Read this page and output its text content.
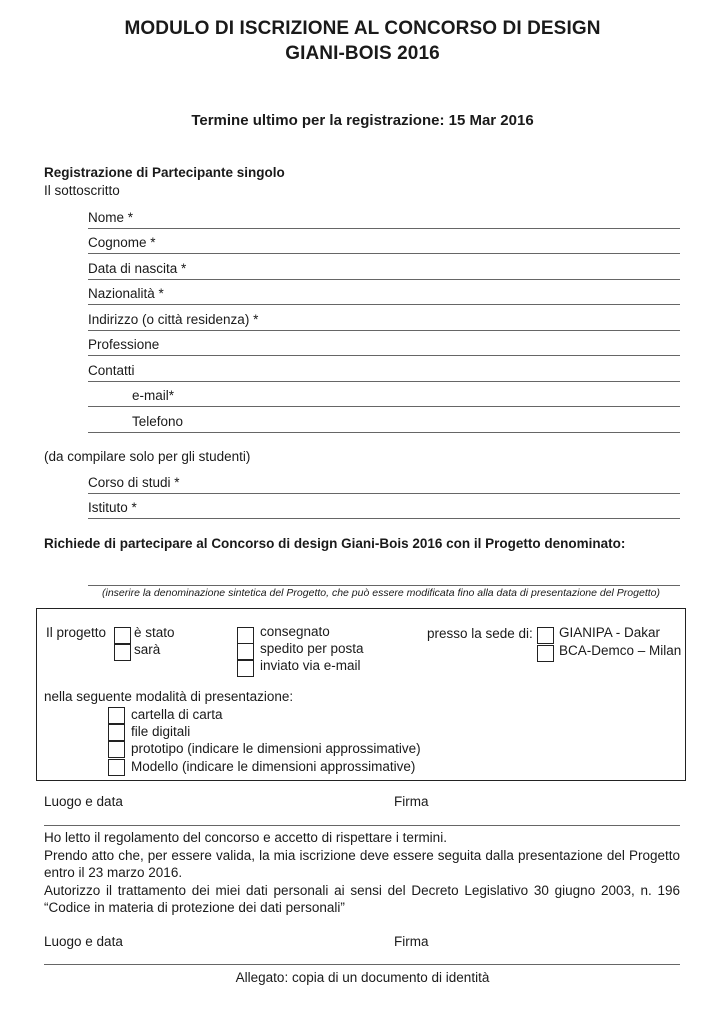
MODULO DI ISCRIZIONE AL CONCORSO DI DESIGN
GIANI-BOIS 2016
Termine ultimo per la registrazione: 15 Mar 2016
Registrazione di Partecipante singolo
Il sottoscritto
Nome *
Cognome *
Data di nascita *
Nazionalità *
Indirizzo (o città residenza) *
Professione
Contatti
e-mail*
Telefono
(da compilare solo per gli studenti)
Corso di studi *
Istituto *
Richiede di partecipare al Concorso di design Giani-Bois 2016 con il Progetto denominato:
(inserire la denominazione sintetica del Progetto, che può essere modificata fino alla data di presentazione del Progetto)
Il progetto è stato
sarà
consegnato
spedito per posta
inviato via e-mail
presso la sede di: GIANIPA - Dakar
BCA-Demco – Milan
nella seguente modalità di presentazione:
cartella di carta
file digitali
prototipo (indicare le dimensioni approssimative)
Modello (indicare le dimensioni approssimative)
Luogo e data	Firma
Ho letto il regolamento del concorso e accetto di rispettare i termini.
Prendo atto che, per essere valida, la mia iscrizione deve essere seguita dalla presentazione del Progetto entro il 23 marzo 2016.
Autorizzo il trattamento dei miei dati personali ai sensi del Decreto Legislativo 30 giugno 2003, n. 196 “Codice in materia di protezione dei dati personali”
Luogo e data	Firma
Allegato: copia di un documento di identità
